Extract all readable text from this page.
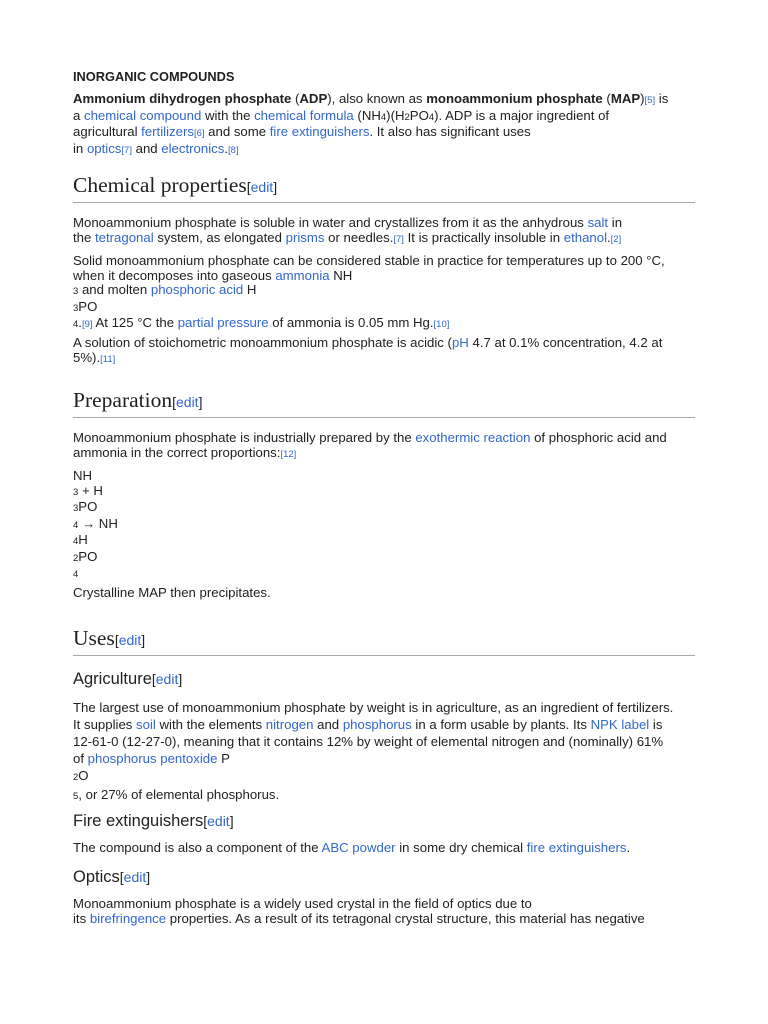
INORGANIC COMPOUNDS
Ammonium dihydrogen phosphate (ADP), also known as monoammonium phosphate (MAP)[5] is
a chemical compound with the chemical formula (NH4)(H2PO4). ADP is a major ingredient of
agricultural fertilizers[6] and some fire extinguishers. It also has significant uses
in optics[7] and electronics.[8]
Chemical properties[edit]
Monoammonium phosphate is soluble in water and crystallizes from it as the anhydrous salt in
the tetragonal system, as elongated prisms or needles.[7] It is practically insoluble in ethanol.[2]
Solid monoammonium phosphate can be considered stable in practice for temperatures up to 200 °C,
when it decomposes into gaseous ammonia NH
3 and molten phosphoric acid H
3PO
4.[9] At 125 °C the partial pressure of ammonia is 0.05 mm Hg.[10]
A solution of stoichometric monoammonium phosphate is acidic (pH 4.7 at 0.1% concentration, 4.2 at
5%).[11]
Preparation[edit]
Monoammonium phosphate is industrially prepared by the exothermic reaction of phosphoric acid and
ammonia in the correct proportions:[12]
NH
3 + H
3PO
4 → NH
4H
2PO
4
Crystalline MAP then precipitates.
Uses[edit]
Agriculture[edit]
The largest use of monoammonium phosphate by weight is in agriculture, as an ingredient of fertilizers.
It supplies soil with the elements nitrogen and phosphorus in a form usable by plants. Its NPK label is
12-61-0 (12-27-0), meaning that it contains 12% by weight of elemental nitrogen and (nominally) 61%
of phosphorus pentoxide P
2O
5, or 27% of elemental phosphorus.
Fire extinguishers[edit]
The compound is also a component of the ABC powder in some dry chemical fire extinguishers.
Optics[edit]
Monoammonium phosphate is a widely used crystal in the field of optics due to
its birefringence properties. As a result of its tetragonal crystal structure, this material has negative
